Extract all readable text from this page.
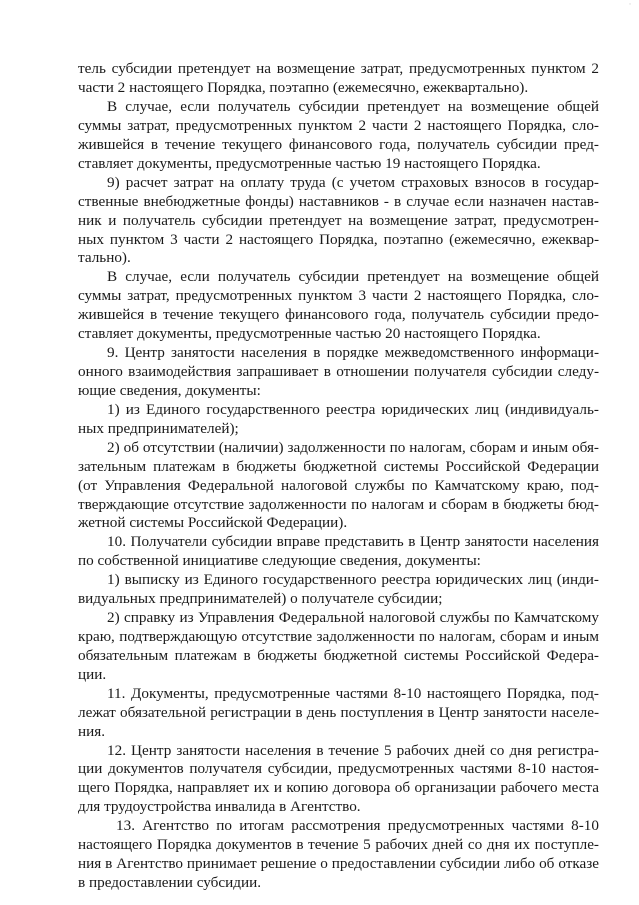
·

тель субсидии претендует на возмещение затрат, предусмотренных пунктом 2

части 2 настоящего Порядка, поэтапно (ежемесячно, ежеквартально).

В случае, если получатель субсидии претендует на возмещение общей

суммы затрат, предусмотренных пунктом 2 части 2 настоящего Порядка, сло-

жившейся в течение текущего финансового года, получатель субсидии пред-

ставляет документы, предусмотренные частью 19 настоящего Порядка.

9) расчет затрат на оплату труда (с учетом страховых взносов в государ-

ственные внебюджетные фонды) наставников - в случае если назначен настав-

ник и получатель субсидии претендует на возмещение затрат, предусмотрен-

ных пунктом 3 части 2 настоящего Порядка, поэтапно (ежемесячно, ежеквар-

тально).

В случае, если получатель субсидии претендует на возмещение общей

суммы затрат, предусмотренных пунктом 3 части 2 настоящего Порядка, сло-

жившейся в течение текущего финансового года, получатель субсидии предо-

ставляет документы, предусмотренные частью 20 настоящего Порядка.

9. Центр занятости населения в порядке межведомственного информаци-

онного взаимодействия запрашивает в отношении получателя субсидии следу-

ющие сведения, документы:

1) из Единого государственного реестра юридических лиц (индивидуаль-

ных предпринимателей);

2) об отсутствии (наличии) задолженности по налогам, сборам и иным обя-

зательным платежам в бюджеты бюджетной системы Российской Федерации

(от Управления Федеральной налоговой службы по Камчатскому краю, под-

тверждающие отсутствие задолженности по налогам и сборам в бюджеты бюд-

жетной системы Российской Федерации).

10. Получатели субсидии вправе представить в Центр занятости населения

по собственной инициативе следующие сведения, документы:

1) выписку из Единого государственного реестра юридических лиц (инди-

видуальных предпринимателей) о получателе субсидии;

2) справку из Управления Федеральной налоговой службы по Камчатскому

краю, подтверждающую отсутствие задолженности по налогам, сборам и иным

обязательным платежам в бюджеты бюджетной системы Российской Федера-

ции.

11. Документы, предусмотренные частями 8-10 настоящего Порядка, под-

лежат обязательной регистрации в день поступления в Центр занятости населе-

ния.

12. Центр занятости населения в течение 5 рабочих дней со дня регистра-

ции документов получателя субсидии, предусмотренных частями 8-10 настоя-

щего Порядка, направляет их и копию договора об организации рабочего места

для трудоустройства инвалида в Агентство.

13. Агентство по итогам рассмотрения предусмотренных частями 8-10

настоящего Порядка документов в течение 5 рабочих дней со дня их поступле-

ния в Агентство принимает решение о предоставлении субсидии либо об отказе

в предоставлении субсидии.
